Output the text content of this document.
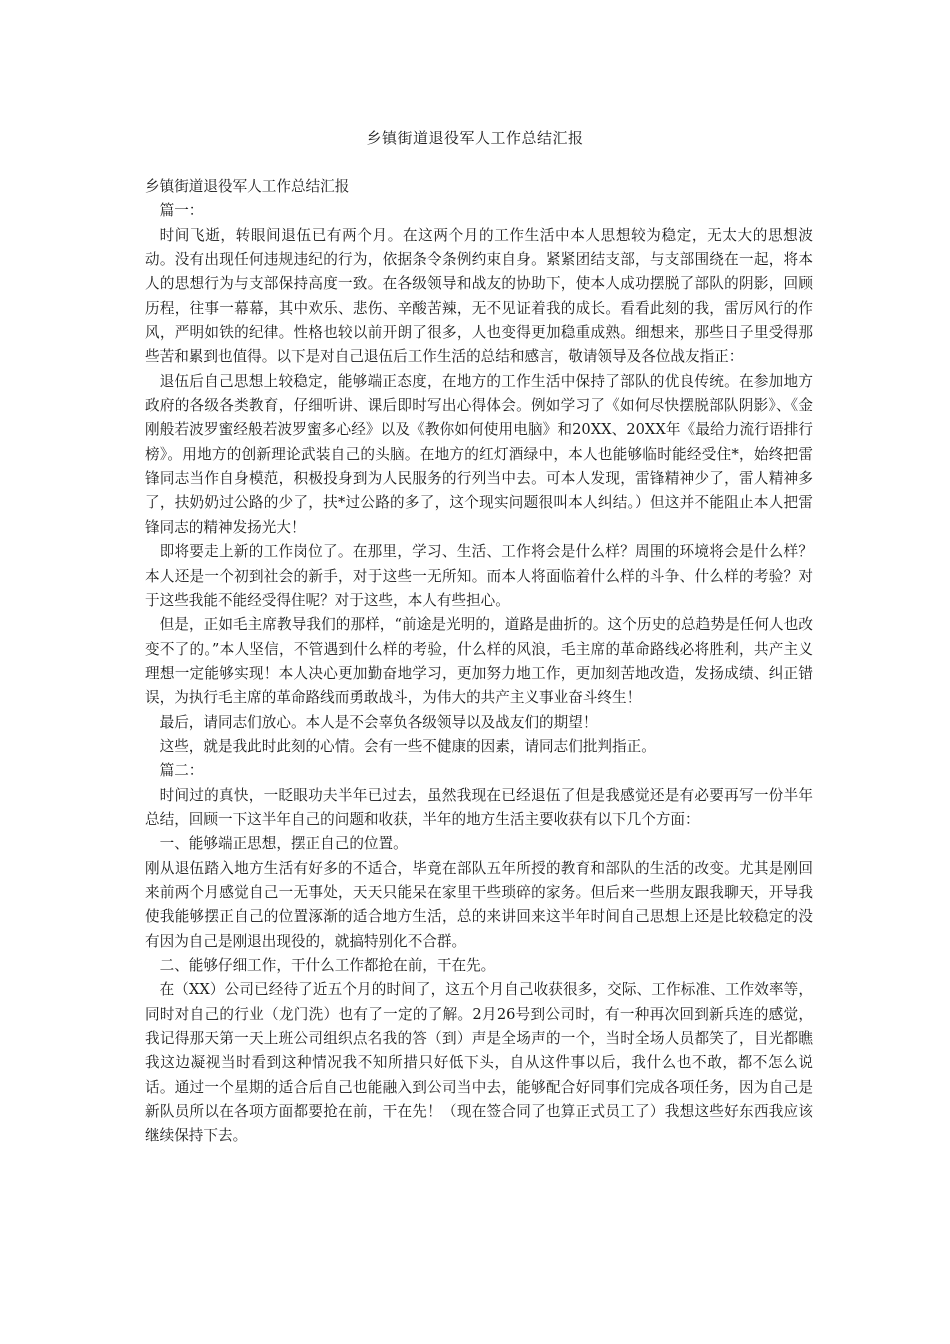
乡镇街道退役军人工作总结汇报

乡镇街道退役军人工作总结汇报

篇一：

时间飞逝，转眼间退伍已有两个月。在这两个月的工作生活中本人思想较为稳定，无太大的思想波动。没有出现任何违规违纪的行为，依据条令条例约束自身。紧紧团结支部，与支部围绕在一起，将本人的思想行为与支部保持高度一致。在各级领导和战友的协助下，使本人成功摆脱了部队的阴影，回顾历程，往事一幕幕，其中欢乐、悲伤、辛酸苦辣，无不见证着我的成长。看看此刻的我，雷厉风行的作风，严明如铁的纪律。性格也较以前开朗了很多，人也变得更加稳重成熟。细想来，那些日子里受得那些苦和累到也值得。以下是对自己退伍后工作生活的总结和感言，敬请领导及各位战友指正：

退伍后自己思想上较稳定，能够端正态度，在地方的工作生活中保持了部队的优良传统。在参加地方政府的各级各类教育，仔细听讲、课后即时写出心得体会。例如学习了《如何尽快摆脱部队阴影》、《金刚般若波罗蜜经般若波罗蜜多心经》以及《教你如何使用电脑》和20XX、20XX年《最给力流行语排行榜》。用地方的创新理论武装自己的头脑。在地方的红灯酒绿中，本人也能够临时能经受住*，始终把雷锋同志当作自身模范，积极投身到为人民服务的行列当中去。可本人发现，雷锋精神少了，雷人精神多了，扶奶奶过公路的少了，扶*过公路的多了，这个现实问题很叫本人纠结。）但这并不能阻止本人把雷锋同志的精神发扬光大！

即将要走上新的工作岗位了。在那里，学习、生活、工作将会是什么样？周围的环境将会是什么样？本人还是一个初到社会的新手，对于这些一无所知。而本人将面临着什么样的斗争、什么样的考验？对于这些我能不能经受得住呢？对于这些，本人有些担心。

但是，正如毛主席教导我们的那样，“前途是光明的，道路是曲折的。这个历史的总趋势是任何人也改变不了的。”本人坚信，不管遇到什么样的考验，什么样的风浪，毛主席的革命路线必将胜利，共产主义理想一定能够实现！本人决心更加勤奋地学习，更加努力地工作，更加刻苦地改造，发扬成绩、纠正错误，为执行毛主席的革命路线而勇敢战斗，为伟大的共产主义事业奋斗终生！

最后，请同志们放心。本人是不会辜负各级领导以及战友们的期望！

这些，就是我此时此刻的心情。会有一些不健康的因素，请同志们批判指正。

篇二：

时间过的真快，一眨眼功夫半年已过去，虽然我现在已经退伍了但是我感觉还是有必要再写一份半年总结，回顾一下这半年自己的问题和收获，半年的地方生活主要收获有以下几个方面：

一、能够端正思想，摆正自己的位置。

刚从退伍踏入地方生活有好多的不适合，毕竟在部队五年所授的教育和部队的生活的改变。尤其是刚回来前两个月感觉自己一无事处，天天只能呆在家里干些琐碎的家务。但后来一些朋友跟我聊天，开导我使我能够摆正自己的位置涿渐的适合地方生活，总的来讲回来这半年时间自己思想上还是比较稳定的没有因为自己是刚退出现役的，就搞特别化不合群。

二、能够仔细工作，干什么工作都抢在前，干在先。

在（XX）公司已经待了近五个月的时间了，这五个月自己收获很多，交际、工作标准、工作效率等，同时对自己的行业（龙门洗）也有了一定的了解。2月26号到公司时，有一种再次回到新兵连的感觉，我记得那天第一天上班公司组织点名我的答（到）声是全场声的一个，当时全场人员都笑了，目光都瞧我这边凝视当时看到这种情况我不知所措只好低下头，自从这件事以后，我什么也不敢，都不怎么说话。通过一个星期的适合后自己也能融入到公司当中去，能够配合好同事们完成各项任务，因为自己是新队员所以在各项方面都要抢在前，干在先！（现在签合同了也算正式员工了）我想这些好东西我应该继续保持下去。
